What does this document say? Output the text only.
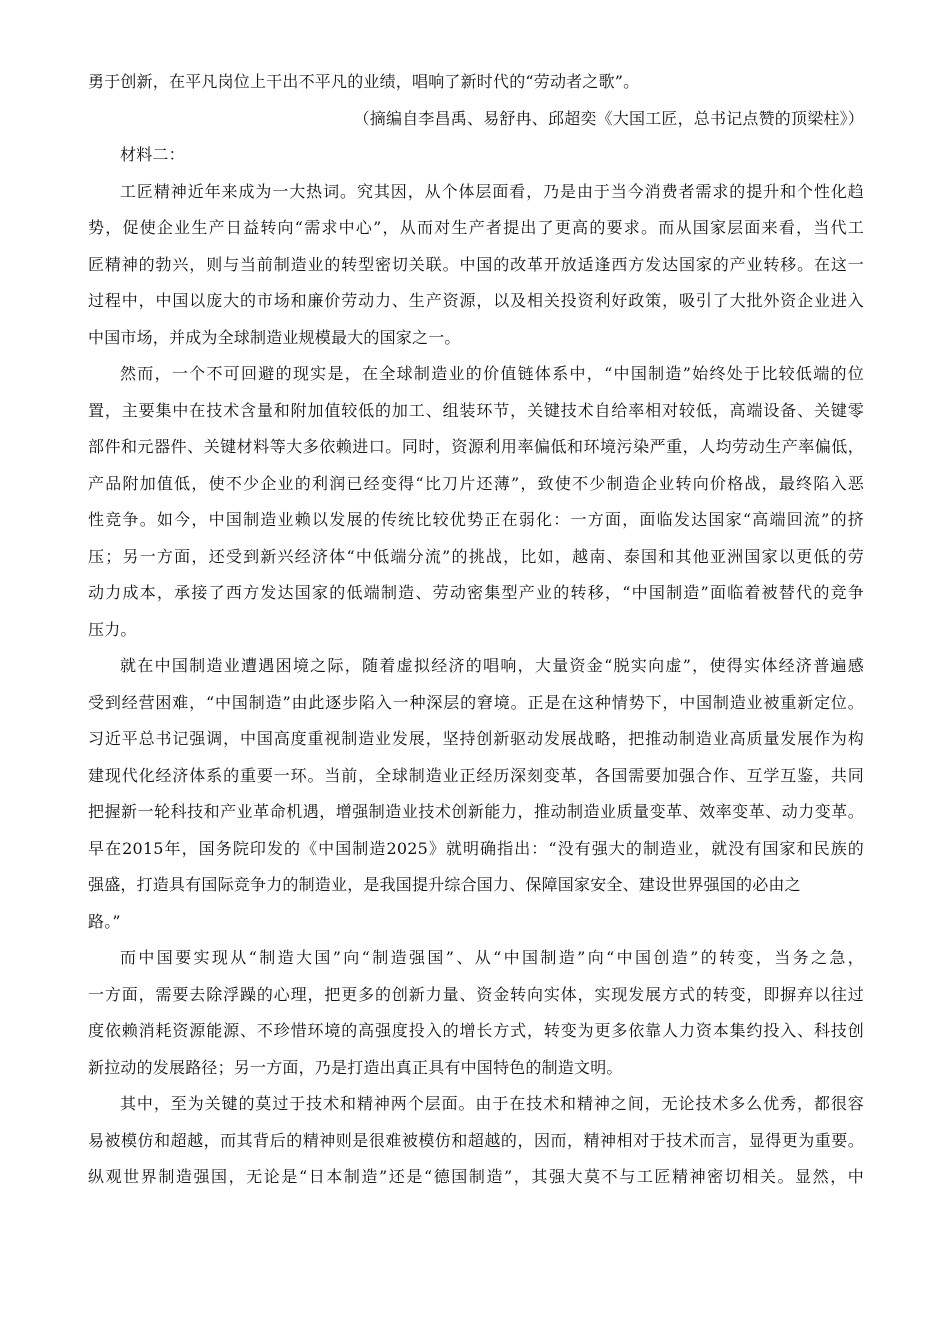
勇于创新，在平凡岗位上干出不平凡的业绩，唱响了新时代的“劳动者之歌”。
（摘编自李昌禹、易舒冉、邱超奕《大国工匠，总书记点赞的顶梁柱》）
材料二：
工匠精神近年来成为一大热词。究其因，从个体层面看，乃是由于当今消费者需求的提升和个性化趋
势，促使企业生产日益转向“需求中心”，从而对生产者提出了更高的要求。而从国家层面来看，当代工
匠精神的勃兴，则与当前制造业的转型密切关联。中国的改革开放适逢西方发达国家的产业转移。在这一
过程中，中国以庞大的市场和廉价劳动力、生产资源，以及相关投资利好政策，吸引了大批外资企业进入
中国市场，并成为全球制造业规模最大的国家之一。
然而，一个不可回避的现实是，在全球制造业的价值链体系中，“中国制造”始终处于比较低端的位
置，主要集中在技术含量和附加值较低的加工、组装环节，关键技术自给率相对较低，高端设备、关键零
部件和元器件、关键材料等大多依赖进口。同时，资源利用率偏低和环境污染严重，人均劳动生产率偏低，
产品附加值低，使不少企业的利润已经变得“比刀片还薄”，致使不少制造企业转向价格战，最终陷入恶
性竞争。如今，中国制造业赖以发展的传统比较优势正在弱化：一方面，面临发达国家“高端回流”的挤
压；另一方面，还受到新兴经济体“中低端分流”的挑战，比如，越南、泰国和其他亚洲国家以更低的劳
动力成本，承接了西方发达国家的低端制造、劳动密集型产业的转移，“中国制造”面临着被替代的竞争
压力。
就在中国制造业遭遇困境之际，随着虚拟经济的唱响，大量资金“脱实向虚”，使得实体经济普遍感
受到经营困难，“中国制造”由此逐步陷入一种深层的窘境。正是在这种情势下，中国制造业被重新定位。
习近平总书记强调，中国高度重视制造业发展，坚持创新驱动发展战略，把推动制造业高质量发展作为构
建现代化经济体系的重要一环。当前，全球制造业正经历深刻变革，各国需要加强合作、互学互鉴，共同
把握新一轮科技和产业革命机遇，增强制造业技术创新能力，推动制造业质量变革、效率变革、动力变革。
早在2015年，国务院印发的《中国制造2025》就明确指出：“没有强大的制造业，就没有国家和民族的
强盛，打造具有国际竞争力的制造业，是我国提升综合国力、保障国家安全、建设世界强国的必由之
路。”
而中国要实现从“制造大国”向“制造强国”、从“中国制造”向“中国创造”的转变，当务之急，
一方面，需要去除浮躁的心理，把更多的创新力量、资金转向实体，实现发展方式的转变，即摒弃以往过
度依赖消耗资源能源、不珍惜环境的高强度投入的增长方式，转变为更多依靠人力资本集约投入、科技创
新拉动的发展路径；另一方面，乃是打造出真正具有中国特色的制造文明。
其中，至为关键的莫过于技术和精神两个层面。由于在技术和精神之间，无论技术多么优秀，都很容
易被模仿和超越，而其背后的精神则是很难被模仿和超越的，因而，精神相对于技术而言，显得更为重要。
纵观世界制造强国，无论是“日本制造”还是“德国制造”，其强大莫不与工匠精神密切相关。显然，中
